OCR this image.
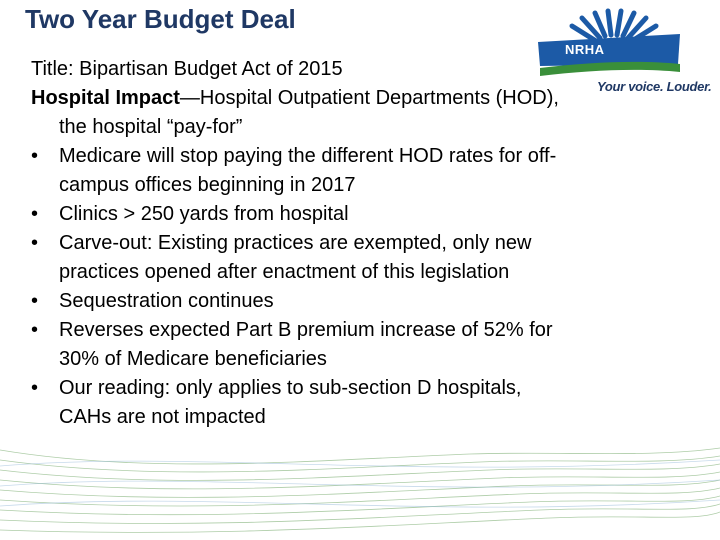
Two Year Budget Deal
NRHA
Your voice. Louder.
Title: Bipartisan Budget Act of 2015
Hospital Impact—Hospital Outpatient Departments (HOD),
the hospital “pay-for”
•	Medicare will stop paying the different HOD rates for off-
campus offices beginning in 2017
•	Clinics > 250 yards from hospital
•	Carve-out: Existing practices are exempted, only new
practices opened after enactment of this legislation
•	Sequestration continues
•	Reverses expected Part B premium increase of 52% for
30% of Medicare beneficiaries
•	Our reading: only applies to sub-section D hospitals,
CAHs are not impacted
